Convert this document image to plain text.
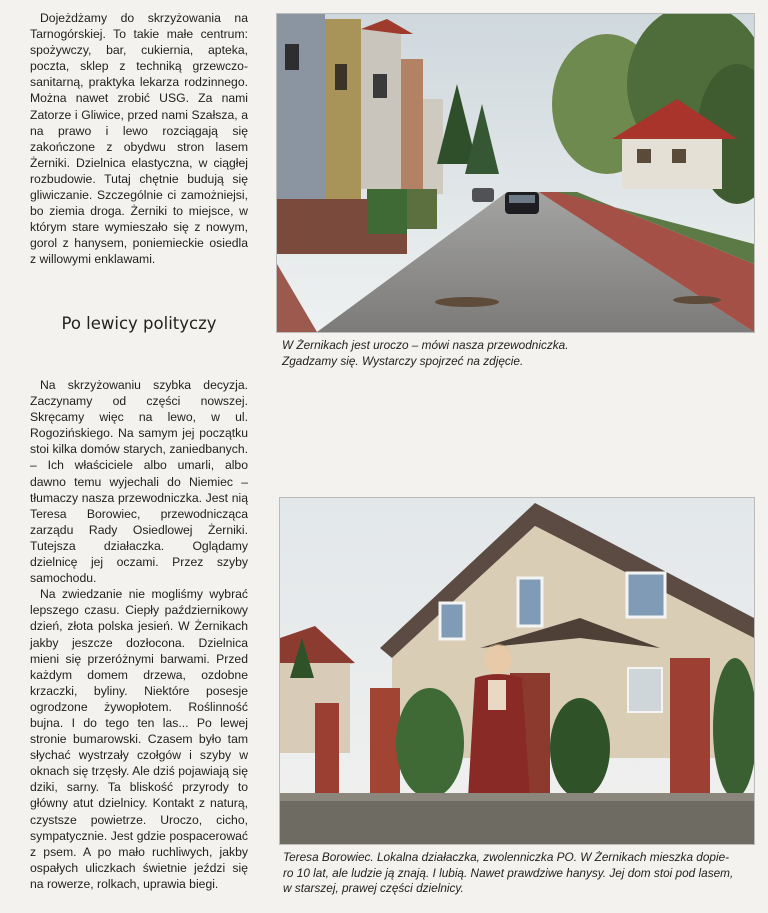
Dojeżdżamy do skrzyżowania na Tarnogórskiej. To takie małe centrum: spożywczy, bar, cukiernia, apteka, poczta, sklep z techniką grzewczo-sanitarną, praktyka lekarza rodzinnego. Można nawet zrobić USG. Za nami Zatorze i Gliwice, przed nami Szałsza, a na prawo i lewo rozciągają się zakończone z obydwu stron lasem Żerniki. Dzielnica elastyczna, w ciągłej rozbudowie. Tutaj chętnie budują się gliwiczanie. Szczególnie ci zamożniejsi, bo ziemia droga. Żerniki to miejsce, w którym stare wymieszało się z nowym, gorol z hanysem, poniemieckie osiedla z willowymi enklawami.

Po lewicy polityczy

Na skrzyżowaniu szybka decyzja. Zaczynamy od części nowszej. Skręcamy więc na lewo, w ul. Rogozińskiego. Na samym jej początku stoi kilka domów starych, zaniedbanych. – Ich właściciele albo umarli, albo dawno temu wyjechali do Niemiec – tłumaczy nasza przewodniczka. Jest nią Teresa Borowiec, przewodnicząca zarządu Rady Osiedlowej Żerniki. Tutejsza działaczka. Oglądamy dzielnicę jej oczami. Przez szyby samochodu.

Na zwiedzanie nie mogliśmy wybrać lepszego czasu. Ciepły październikowy dzień, złota polska jesień. W Żernikach jakby jeszcze dozłocona. Dzielnica mieni się przeróżnymi barwami. Przed każdym domem drzewa, ozdobne krzaczki, byliny. Niektóre posesje ogrodzone żywopłotem. Roślinność bujna. I do tego ten las... Po lewej stronie bumarowski. Czasem było tam słychać wystrzały czołgów i szyby w oknach się trzęsły. Ale dziś pojawiają się dziki, sarny. Ta bliskość przyrody to główny atut dzielnicy. Kontakt z naturą, czystsze powietrze. Uroczo, cicho, sympatycznie. Jest gdzie pospacerować z psem. A po mało ruchliwych, jakby ospałych uliczkach świetnie jeździ się na rowerze, rolkach, uprawia biegi.

W Żernikach jest uroczo – mówi nasza przewodniczka.
Zgadzamy się. Wystarczy spojrzeć na zdjęcie.
Teresa Borowiec. Lokalna działaczka, zwolenniczka PO. W Żernikach mieszka dopie-
ro 10 lat, ale ludzie ją znają. I lubią. Nawet prawdziwe hanysy. Jej dom stoi pod lasem,
w starszej, prawej części dzielnicy.
